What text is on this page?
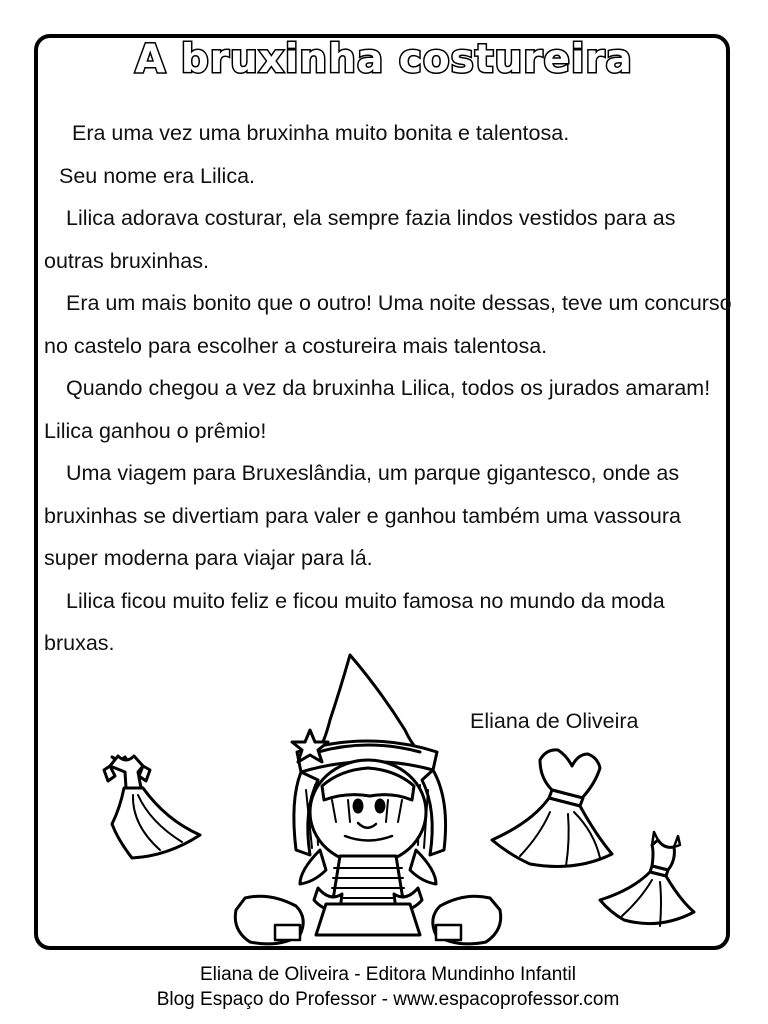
A bruxinha costureira

Era uma vez uma bruxinha muito bonita e talentosa.

Seu nome era Lilica.

Lilica adorava costurar, ela sempre fazia lindos vestidos para as outras bruxinhas.

Era um mais bonito que o outro! Uma noite dessas, teve um concurso no castelo para escolher a costureira mais talentosa.

Quando chegou a vez da bruxinha Lilica, todos os jurados amaram! Lilica ganhou o prêmio!

Uma viagem para Bruxeslândia, um parque gigantesco, onde as bruxinhas se divertiam para valer e ganhou também uma vassoura super moderna para viajar para lá.

Lilica ficou muito feliz e ficou muito famosa no mundo da moda bruxas.

Eliana de Oliveira
Eliana de Oliveira - Editora Mundinho Infantil
Blog Espaço do Professor - www.espacoprofessor.com
